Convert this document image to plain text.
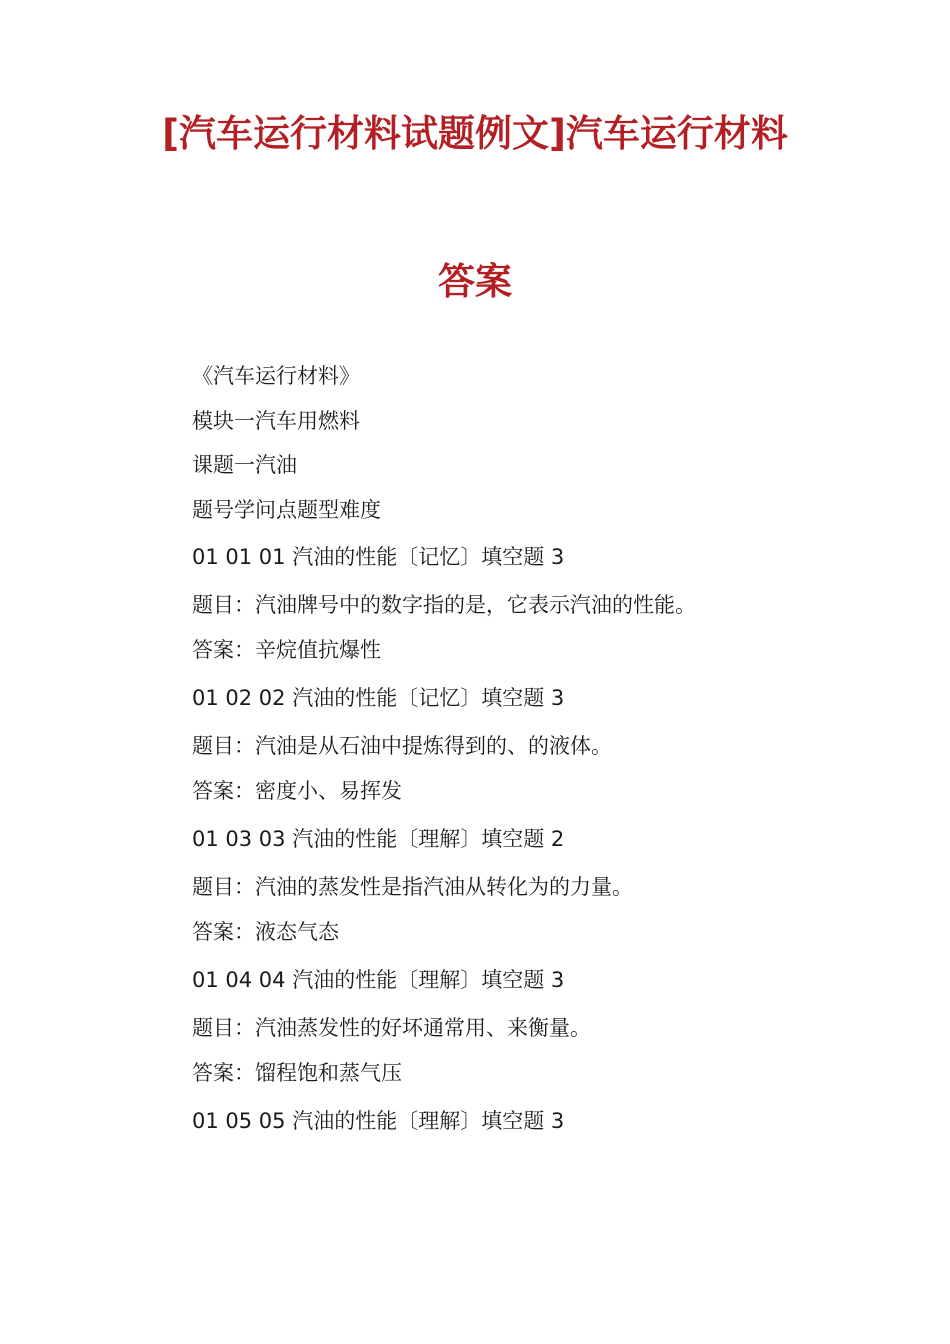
[汽车运行材料试题例文]汽车运行材料
答案
《汽车运行材料》
模块一汽车用燃料
课题一汽油
题号学问点题型难度
01 01 01 汽油的性能〔记忆〕填空题 3
题目：汽油牌号中的数字指的是，它表示汽油的性能。
答案：辛烷值抗爆性
01 02 02 汽油的性能〔记忆〕填空题 3
题目：汽油是从石油中提炼得到的、的液体。
答案：密度小、易挥发
01 03 03 汽油的性能〔理解〕填空题 2
题目：汽油的蒸发性是指汽油从转化为的力量。
答案：液态气态
01 04 04 汽油的性能〔理解〕填空题 3
题目：汽油蒸发性的好坏通常用、来衡量。
答案：馏程饱和蒸气压
01 05 05 汽油的性能〔理解〕填空题 3
